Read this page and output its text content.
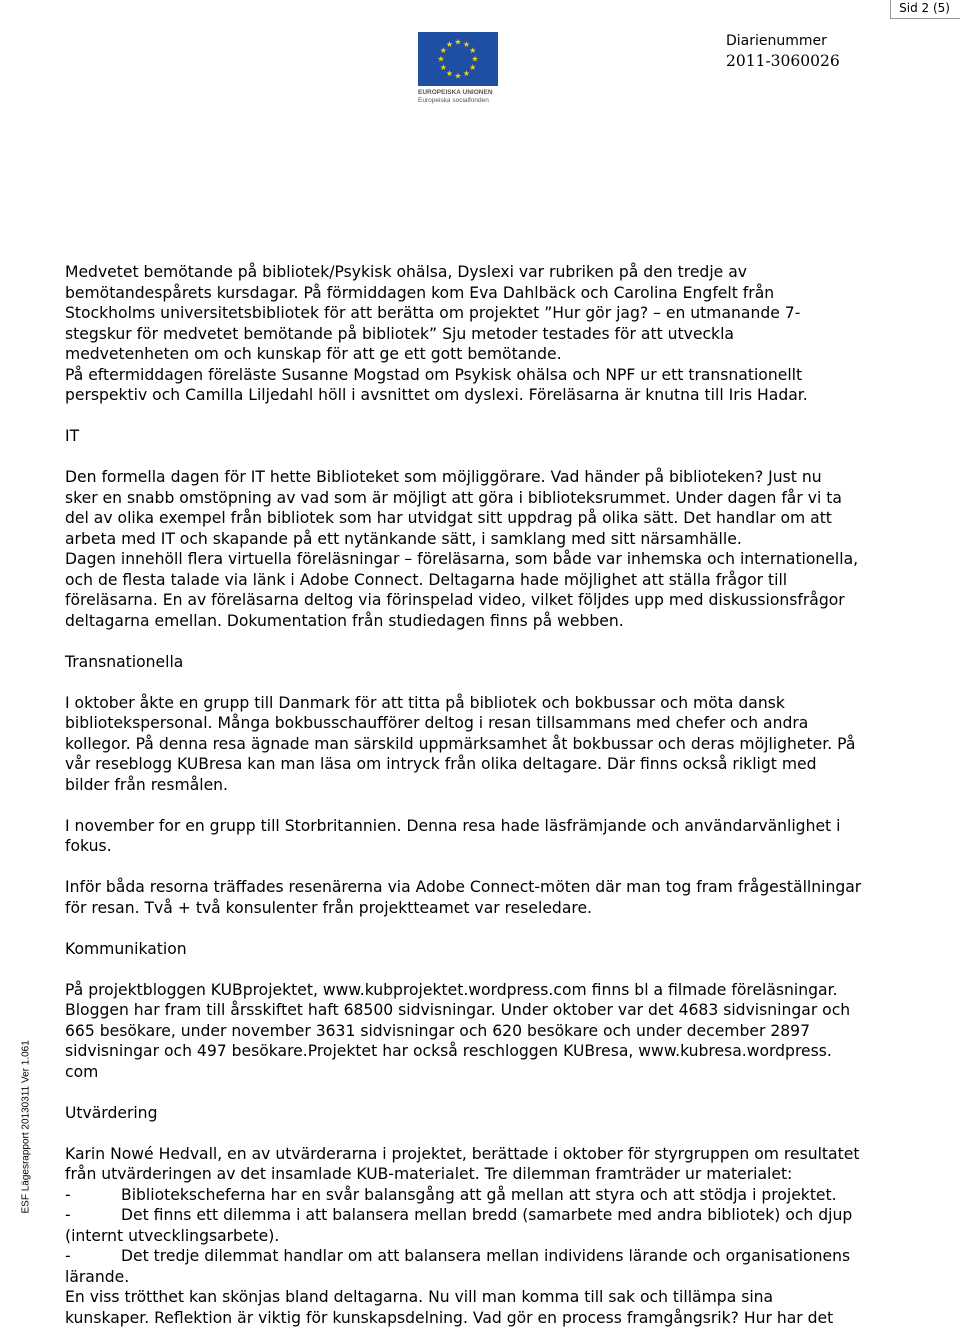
Sid 2 (5)
★ ★
★
★
★
★
★
★
★
★
★
★
EUROPEISKA UNIONEN
Europeiska socialfonden
Diarienummer
2011-3060026
ESF Lägesrapport 20130311 Ver 1.061

Medvetet bemötande på bibliotek/Psykisk ohälsa, Dyslexi var rubriken på den tredje av

bemötandespårets kursdagar. På förmiddagen kom Eva Dahlbäck och Carolina Engfelt från

Stockholms universitetsbibliotek för att berätta om projektet ”Hur gör jag? – en utmanande 7-

stegskur för medvetet bemötande på bibliotek” Sju metoder testades för att utveckla

medvetenheten om och kunskap för att ge ett gott bemötande.

På eftermiddagen föreläste Susanne Mogstad om Psykisk ohälsa och NPF ur ett transnationellt

perspektiv och Camilla Liljedahl höll i avsnittet om dyslexi. Föreläsarna är knutna till Iris Hadar.

IT

Den formella dagen för IT hette Biblioteket som möjliggörare. Vad händer på biblioteken? Just nu

sker en snabb omstöpning av vad som är möjligt att göra i biblioteksrummet. Under dagen får vi ta

del av olika exempel från bibliotek som har utvidgat sitt uppdrag på olika sätt. Det handlar om att

arbeta med IT och skapande på ett nytänkande sätt, i samklang med sitt närsamhälle.

Dagen innehöll flera virtuella föreläsningar – föreläsarna, som både var inhemska och internationella,

och de flesta talade via länk i Adobe Connect. Deltagarna hade möjlighet att ställa frågor till

föreläsarna. En av föreläsarna deltog via förinspelad video, vilket följdes upp med diskussionsfrågor

deltagarna emellan. Dokumentation från studiedagen finns på webben.

Transnationella

I oktober åkte en grupp till Danmark för att titta på bibliotek och bokbussar och möta dansk

bibliotekspersonal. Många bokbusschaufförer deltog i resan tillsammans med chefer och andra

kollegor. På denna resa ägnade man särskild uppmärksamhet åt bokbussar och deras möjligheter. På

vår reseblogg KUBresa kan man läsa om intryck från olika deltagare. Där finns också rikligt med

bilder från resmålen.

I november for en grupp till Storbritannien. Denna resa hade läsfrämjande och användarvänlighet i

fokus.

Inför båda resorna träffades resenärerna via Adobe Connect-möten där man tog fram frågeställningar

för resan. Två + två konsulenter från projektteamet var reseledare.

Kommunikation

På projektbloggen KUBprojektet, www.kubprojektet.wordpress.com finns bl a filmade föreläsningar.

Bloggen har fram till årsskiftet haft 68500 sidvisningar. Under oktober var det 4683 sidvisningar och

665 besökare, under november 3631 sidvisningar och 620 besökare och under december 2897

sidvisningar och 497 besökare.Projektet har också reschloggen KUBresa, www.kubresa.wordpress.

com

Utvärdering

Karin Nowé Hedvall, en av utvärderarna i projektet, berättade i oktober för styrgruppen om resultatet

från utvärderingen av det insamlade KUB-materialet. Tre dilemman framträder ur materialet:

-	Bibliotekscheferna har en svår balansgång att gå mellan att styra och att stödja i projektet.
-	Det finns ett dilemma i att balansera mellan bredd (samarbete med andra bibliotek) och djup

(internt utvecklingsarbete).

-	Det tredje dilemmat handlar om att balansera mellan individens lärande och organisationens

lärande.

En viss trötthet kan skönjas bland deltagarna. Nu vill man komma till sak och tillämpa sina

kunskaper. Reflektion är viktig för kunskapsdelning. Vad gör en process framgångsrik? Hur har det
